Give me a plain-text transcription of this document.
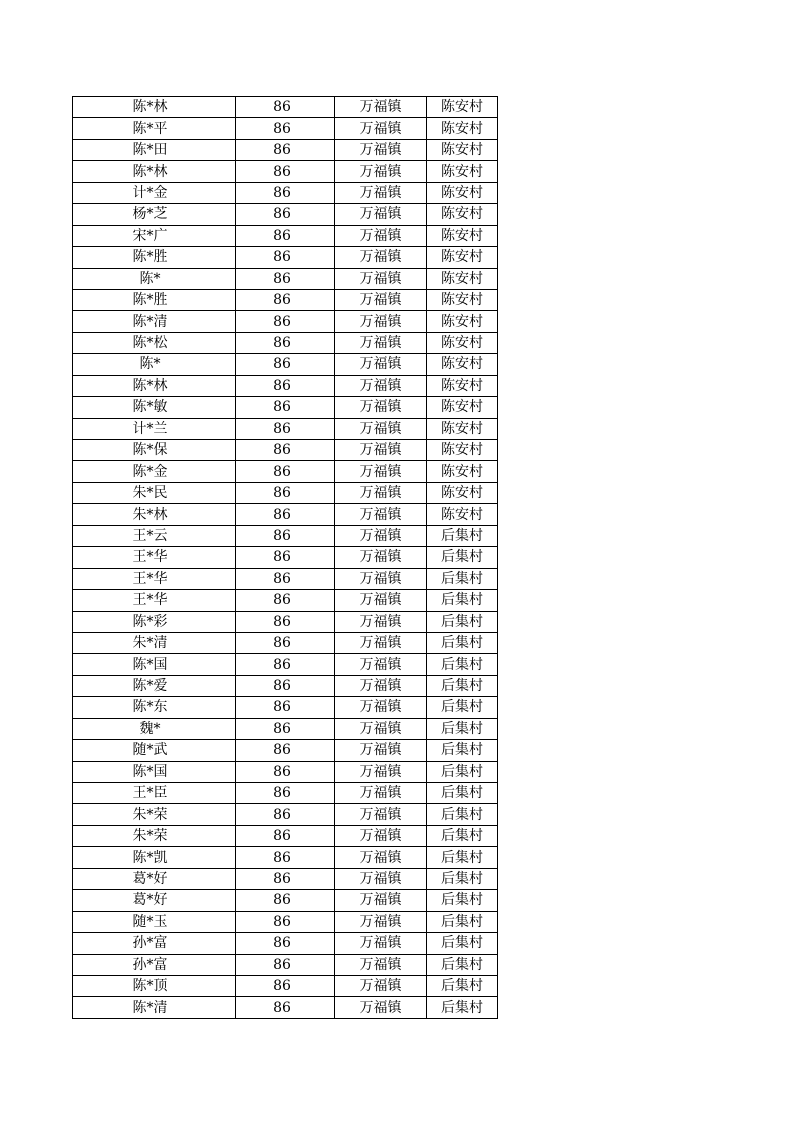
陈*林	86	万福镇	陈安村
陈*平	86	万福镇	陈安村
陈*田	86	万福镇	陈安村
陈*林	86	万福镇	陈安村
计*金	86	万福镇	陈安村
杨*芝	86	万福镇	陈安村
宋*广	86	万福镇	陈安村
陈*胜	86	万福镇	陈安村
陈*	86	万福镇	陈安村
陈*胜	86	万福镇	陈安村
陈*清	86	万福镇	陈安村
陈*松	86	万福镇	陈安村
陈*	86	万福镇	陈安村
陈*林	86	万福镇	陈安村
陈*敏	86	万福镇	陈安村
计*兰	86	万福镇	陈安村
陈*保	86	万福镇	陈安村
陈*金	86	万福镇	陈安村
朱*民	86	万福镇	陈安村
朱*林	86	万福镇	陈安村
王*云	86	万福镇	后集村
王*华	86	万福镇	后集村
王*华	86	万福镇	后集村
王*华	86	万福镇	后集村
陈*彩	86	万福镇	后集村
朱*清	86	万福镇	后集村
陈*国	86	万福镇	后集村
陈*爱	86	万福镇	后集村
陈*东	86	万福镇	后集村
魏*	86	万福镇	后集村
随*武	86	万福镇	后集村
陈*国	86	万福镇	后集村
王*臣	86	万福镇	后集村
朱*荣	86	万福镇	后集村
朱*荣	86	万福镇	后集村
陈*凯	86	万福镇	后集村
葛*好	86	万福镇	后集村
葛*好	86	万福镇	后集村
随*玉	86	万福镇	后集村
孙*富	86	万福镇	后集村
孙*富	86	万福镇	后集村
陈*顶	86	万福镇	后集村
陈*清	86	万福镇	后集村
